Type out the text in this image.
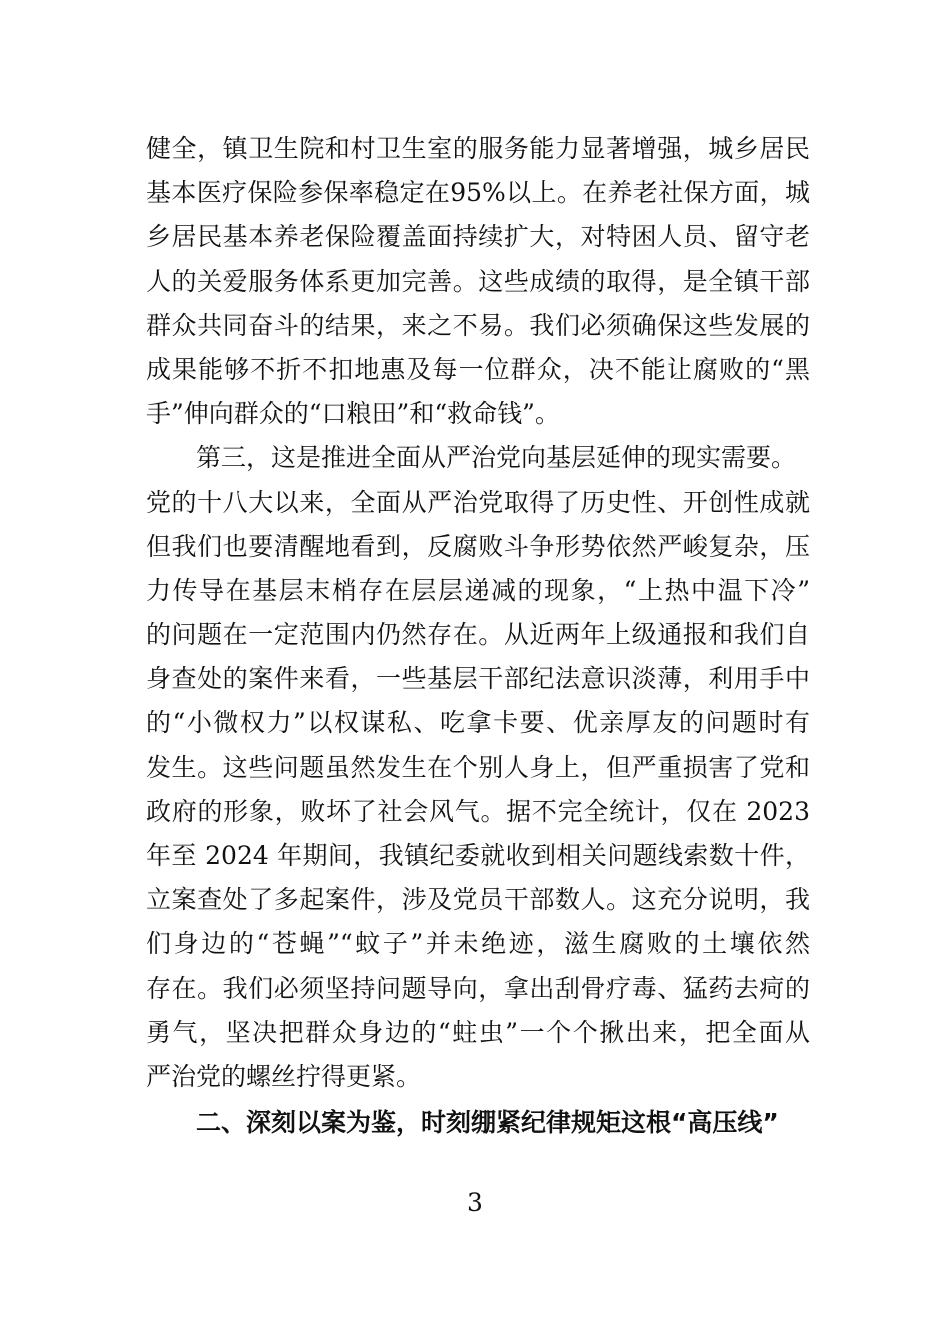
健全，镇卫生院和村卫生室的服务能力显著增强，城乡居民
基本医疗保险参保率稳定在95%以上。在养老社保方面，城
乡居民基本养老保险覆盖面持续扩大，对特困人员、留守老
人的关爱服务体系更加完善。这些成绩的取得，是全镇干部
群众共同奋斗的结果，来之不易。我们必须确保这些发展的
成果能够不折不扣地惠及每一位群众，决不能让腐败的“黑
手”伸向群众的“口粮田”和“救命钱”。
第三，这是推进全面从严治党向基层延伸的现实需要。
党的十八大以来，全面从严治党取得了历史性、开创性成就
但我们也要清醒地看到，反腐败斗争形势依然严峻复杂，压
力传导在基层末梢存在层层递减的现象，“上热中温下冷”
的问题在一定范围内仍然存在。从近两年上级通报和我们自
身查处的案件来看，一些基层干部纪法意识淡薄，利用手中
的“小微权力”以权谋私、吃拿卡要、优亲厚友的问题时有
发生。这些问题虽然发生在个别人身上，但严重损害了党和
政府的形象，败坏了社会风气。据不完全统计，仅在 2023
年至 2024 年期间，我镇纪委就收到相关问题线索数十件，
立案查处了多起案件，涉及党员干部数人。这充分说明，我
们身边的“苍蝇”“蚊子”并未绝迹，滋生腐败的土壤依然
存在。我们必须坚持问题导向，拿出刮骨疗毒、猛药去疴的
勇气，坚决把群众身边的“蛀虫”一个个揪出来，把全面从
严治党的螺丝拧得更紧。
二、深刻以案为鉴，时刻绷紧纪律规矩这根“高压线”
3
